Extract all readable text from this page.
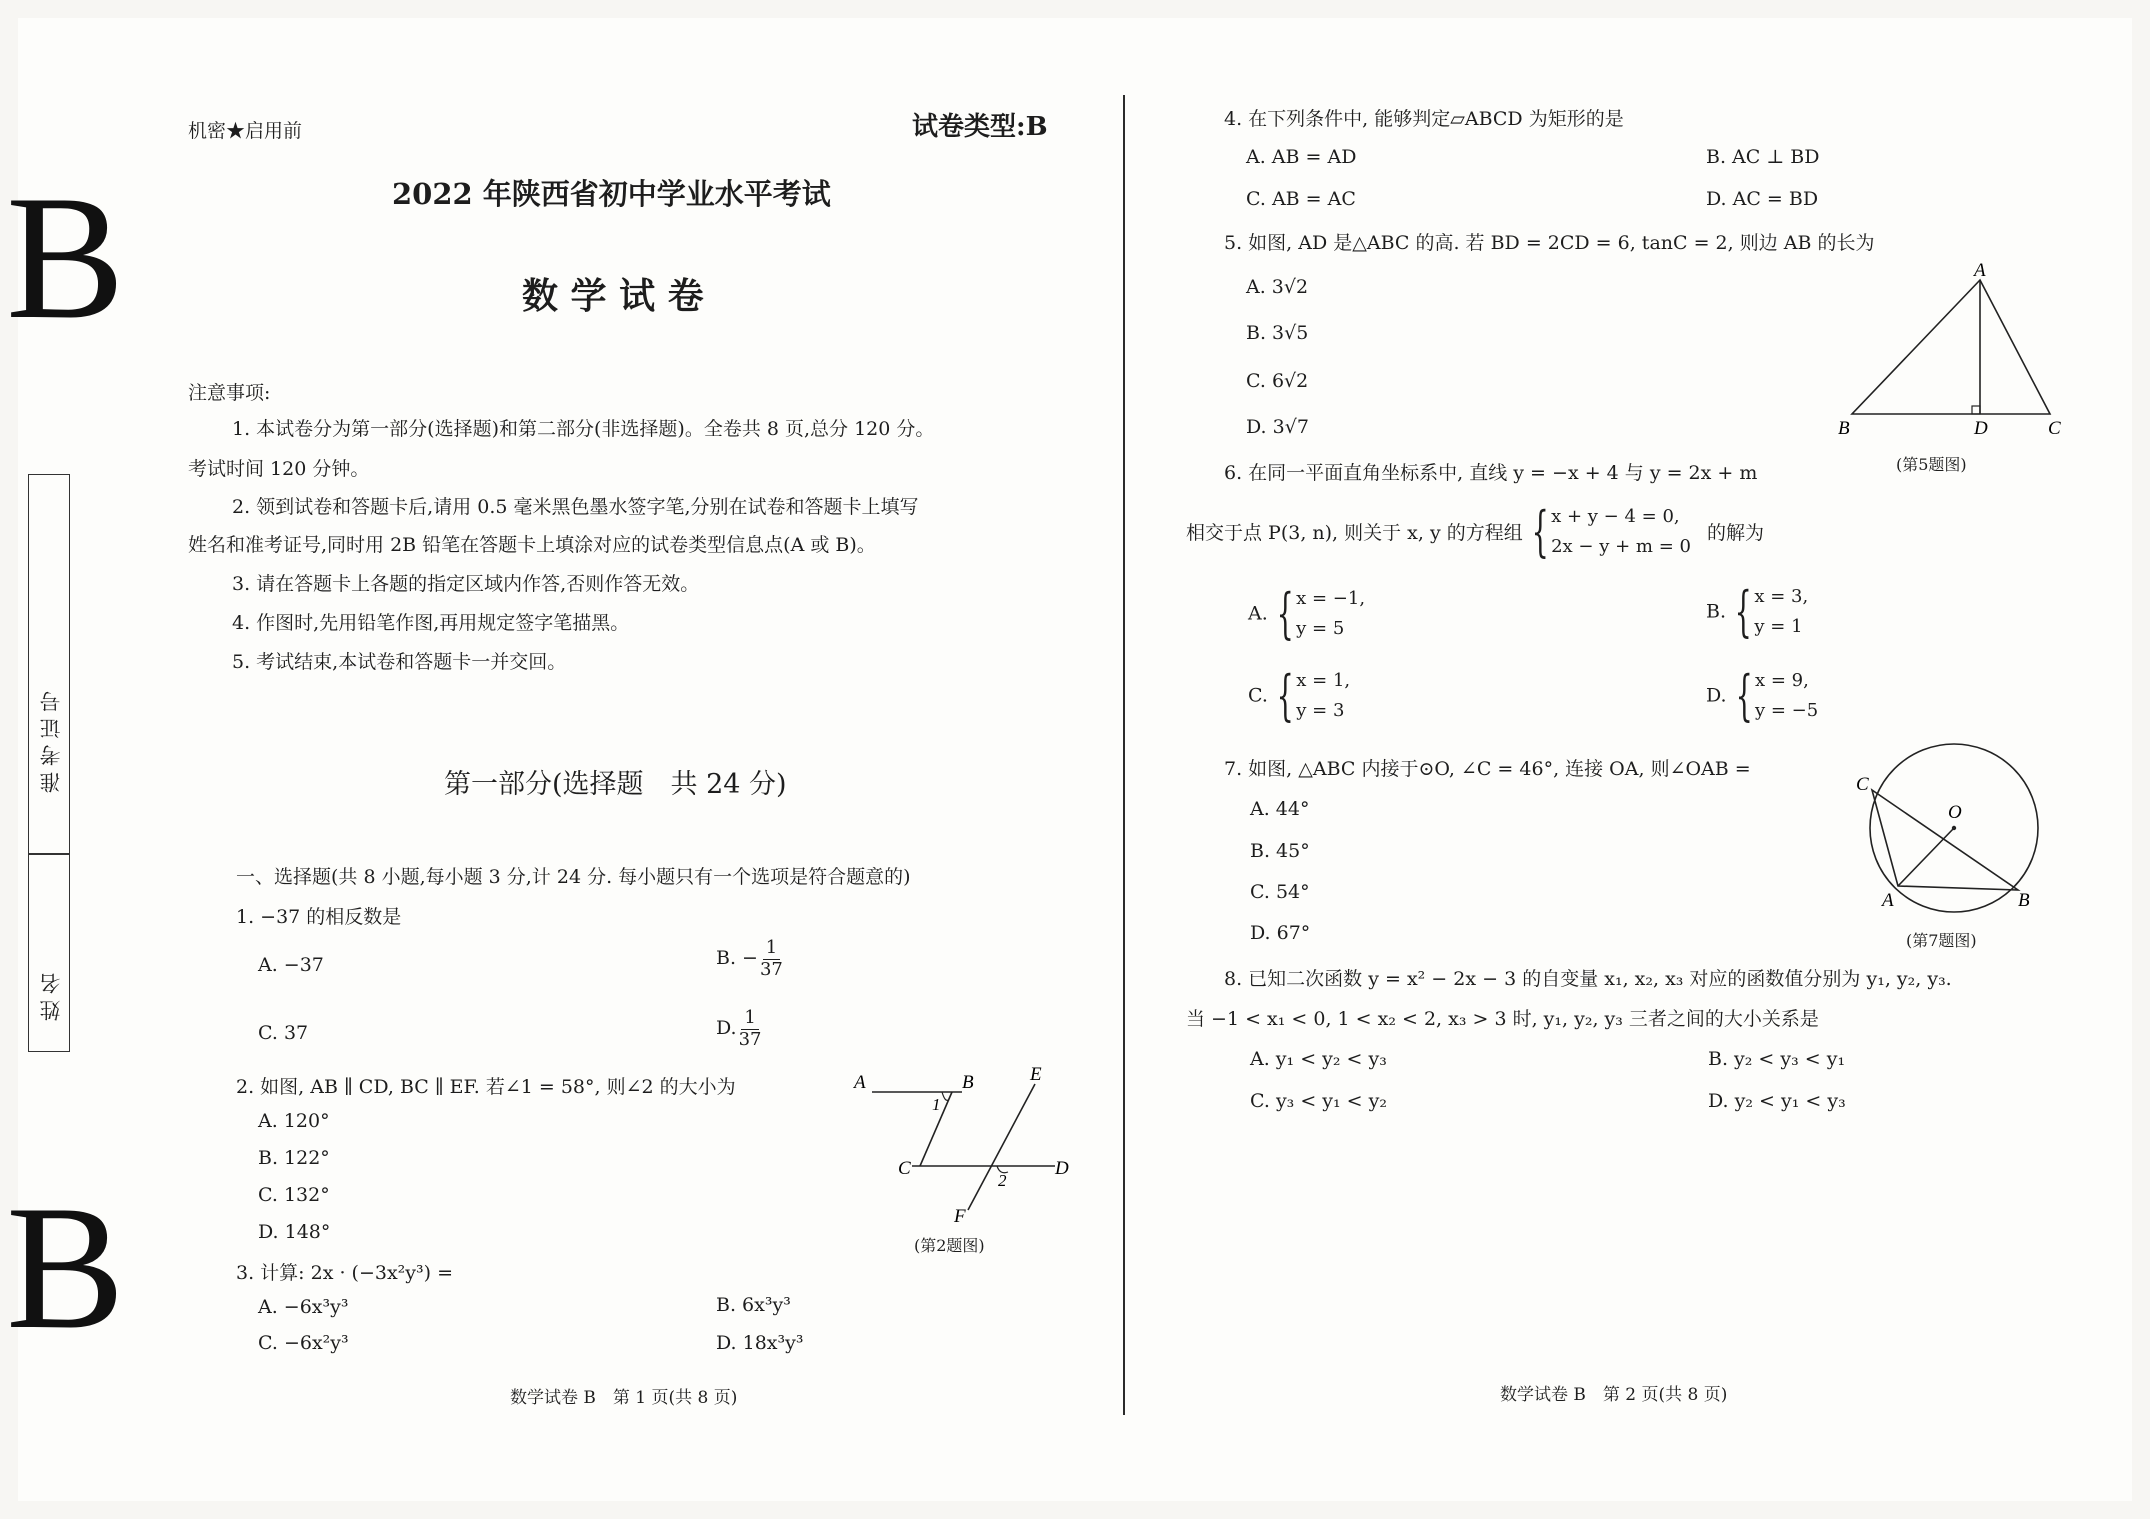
B
B
准考证号
姓名
机密★启用前	试卷类型:B
2022 年陕西省初中学业水平考试
数 学 试 卷
注意事项:
1. 本试卷分为第一部分(选择题)和第二部分(非选择题)。全卷共 8 页,总分 120 分。
考试时间 120 分钟。
2. 领到试卷和答题卡后,请用 0.5 毫米黑色墨水签字笔,分别在试卷和答题卡上填写
姓名和准考证号,同时用 2B 铅笔在答题卡上填涂对应的试卷类型信息点(A 或 B)。
3. 请在答题卡上各题的指定区域内作答,否则作答无效。
4. 作图时,先用铅笔作图,再用规定签字笔描黑。
5. 考试结束,本试卷和答题卡一并交回。
第一部分(选择题　共 24 分)
一、选择题(共 8 小题,每小题 3 分,计 24 分. 每小题只有一个选项是符合题意的)
1. −37 的相反数是
A. −37	B. − $\frac{1}{37}$
C. 37	D. $\frac{1}{37}$
2. 如图, AB ∥ CD, BC ∥ EF. 若∠1 = 58°, 则∠2 的大小为
A. 120°
B. 122°
C. 132°
D. 148°
A	B	E
1
C
2
D
F
(第2题图)
3. 计算: 2x · (−3x²y³) =
A. −6x³y³	B. 6x³y³
C. −6x²y³	D. 18x³y³
数学试卷 B　第 1 页(共 8 页)
4. 在下列条件中, 能够判定▱ABCD 为矩形的是
A. AB = AD	B. AC ⊥ BD
C. AB = AC	D. AC = BD
5. 如图, AD 是△ABC 的高. 若 BD = 2CD = 6, tanC = 2, 则边 AB 的长为
A. 3√2
B. 3√5
C. 6√2
D. 3√7
A
B	D	C
(第5题图)
6. 在同一平面直角坐标系中, 直线 y = −x + 4 与 y = 2x + m
相交于点 P(3, n), 则关于 x, y 的方程组 { x + y − 4 = 0,
2x − y + m = 0
的解为
A. { x = −1,
y = 5
B. { x = 3,
y = 1
C. { x = 1,
y = 3
D. { x = 9,
y = −5
7. 如图, △ABC 内接于⊙O, ∠C = 46°, 连接 OA, 则∠OAB =
A. 44°
B. 45°
C. 54°
D. 67°
C
O
A	B
(第7题图)
8. 已知二次函数 y = x² − 2x − 3 的自变量 x₁, x₂, x₃ 对应的函数值分别为 y₁, y₂, y₃.
当 −1 < x₁ < 0, 1 < x₂ < 2, x₃ > 3 时, y₁, y₂, y₃ 三者之间的大小关系是
A. y₁ < y₂ < y₃	B. y₂ < y₃ < y₁
C. y₃ < y₁ < y₂	D. y₂ < y₁ < y₃
数学试卷 B　第 2 页(共 8 页)
